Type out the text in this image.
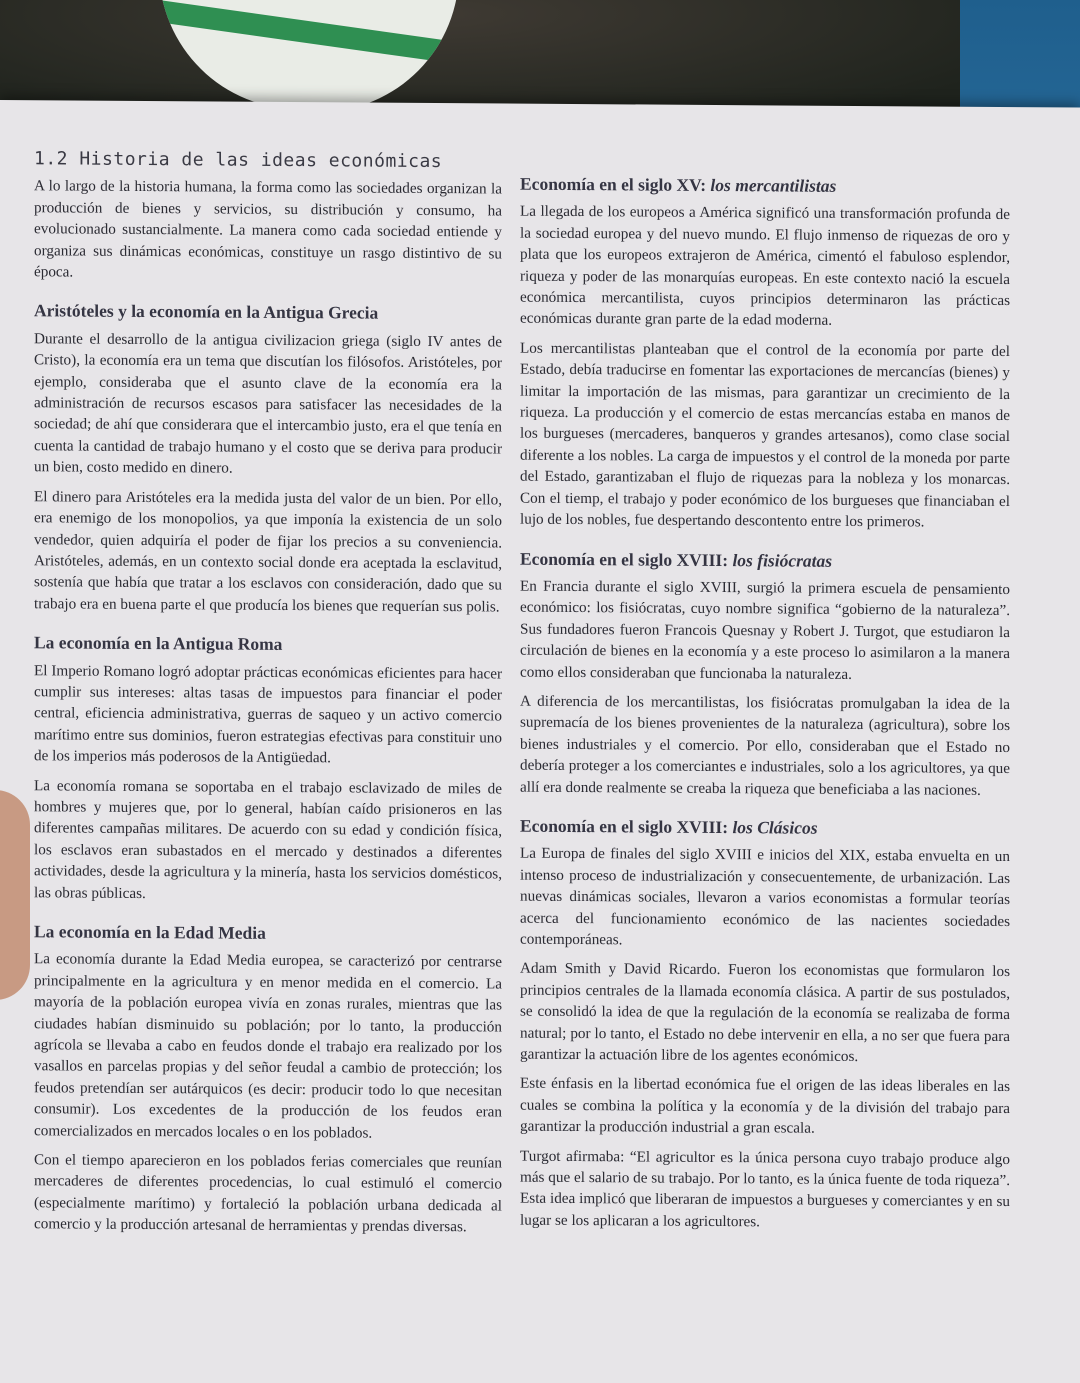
1.2 Historia de las ideas económicas

A lo largo de la historia humana, la forma como las sociedades organizan la producción de bienes y servicios, su distribución y consumo, ha evolucionado sustancialmente. La manera como cada sociedad entiende y organiza sus dinámicas económicas, constituye un rasgo distintivo de su época.

Aristóteles y la economía en la Antigua Grecia

Durante el desarrollo de la antigua civilizacion griega (siglo IV antes de Cristo), la economía era un tema que discutían los filósofos. Aristóteles, por ejemplo, consideraba que el asunto clave de la economía era la administración de recursos escasos para satisfacer las necesidades de la sociedad; de ahí que considerara que el intercambio justo, era el que tenía en cuenta la cantidad de trabajo humano y el costo que se deriva para producir un bien, costo medido en dinero.

El dinero para Aristóteles era la medida justa del valor de un bien. Por ello, era enemigo de los monopolios, ya que imponía la existencia de un solo vendedor, quien adquiría el poder de fijar los precios a su conveniencia. Aristóteles, además, en un contexto social donde era aceptada la esclavitud, sostenía que había que tratar a los esclavos con consideración, dado que su trabajo era en buena parte el que producía los bienes que requerían sus polis.

La economía en la Antigua Roma

El Imperio Romano logró adoptar prácticas económicas eficientes para hacer cumplir sus intereses: altas tasas de impuestos para financiar el poder central, eficiencia administrativa, guerras de saqueo y un activo comercio marítimo entre sus dominios, fueron estrategias efectivas para constituir uno de los imperios más poderosos de la Antigüedad.

La economía romana se soportaba en el trabajo esclavizado de miles de hombres y mujeres que, por lo general, habían caído prisioneros en las diferentes campañas militares. De acuerdo con su edad y condición física, los esclavos eran subastados en el mercado y destinados a diferentes actividades, desde la agricultura y la minería, hasta los servicios domésticos, las obras públicas.

La economía en la Edad Media

La economía durante la Edad Media europea, se caracterizó por centrarse principalmente en la agricultura y en menor medida en el comercio. La mayoría de la población europea vivía en zonas rurales, mientras que las ciudades habían disminuido su población; por lo tanto, la producción agrícola se llevaba a cabo en feudos donde el trabajo era realizado por los vasallos en parcelas propias y del señor feudal a cambio de protección; los feudos pretendían ser autárquicos (es decir: producir todo lo que necesitan consumir). Los excedentes de la producción de los feudos eran comercializados en mercados locales o en los poblados.

Con el tiempo aparecieron en los poblados ferias comerciales que reunían mercaderes de diferentes procedencias, lo cual estimuló el comercio (especialmente marítimo) y fortaleció la población urbana dedicada al comercio y la producción artesanal de herramientas y prendas diversas.

Economía en el siglo XV: los mercantilistas

La llegada de los europeos a América significó una transformación profunda de la sociedad europea y del nuevo mundo. El flujo inmenso de riquezas de oro y plata que los europeos extrajeron de América, cimentó el fabuloso esplendor, riqueza y poder de las monarquías europeas. En este contexto nació la escuela económica mercantilista, cuyos principios determinaron las prácticas económicas durante gran parte de la edad moderna.

Los mercantilistas planteaban que el control de la economía por parte del Estado, debía traducirse en fomentar las exportaciones de mercancías (bienes) y limitar la importación de las mismas, para garantizar un crecimiento de la riqueza. La producción y el comercio de estas mercancías estaba en manos de los burgueses (mercaderes, banqueros y grandes artesanos), como clase social diferente a los nobles. La carga de impuestos y el control de la moneda por parte del Estado, garantizaban el flujo de riquezas para la nobleza y los monarcas. Con el tiemp, el trabajo y poder económico de los burgueses que financiaban el lujo de los nobles, fue despertando descontento entre los primeros.

Economía en el siglo XVIII: los fisiócratas

En Francia durante el siglo XVIII, surgió la primera escuela de pensamiento económico: los fisiócratas, cuyo nombre significa “gobierno de la naturaleza”. Sus fundadores fueron Francois Quesnay y Robert J. Turgot, que estudiaron la circulación de bienes en la economía y a este proceso lo asimilaron a la manera como ellos consideraban que funcionaba la naturaleza.

A diferencia de los mercantilistas, los fisiócratas promulgaban la idea de la supremacía de los bienes provenientes de la naturaleza (agricultura), sobre los bienes industriales y el comercio. Por ello, consideraban que el Estado no debería proteger a los comerciantes e industriales, solo a los agricultores, ya que allí era donde realmente se creaba la riqueza que beneficiaba a las naciones.

Economía en el siglo XVIII: los Clásicos

La Europa de finales del siglo XVIII e inicios del XIX, estaba envuelta en un intenso proceso de industrialización y consecuentemente, de urbanización. Las nuevas dinámicas sociales, llevaron a varios economistas a formular teorías acerca del funcionamiento económico de las nacientes sociedades contemporáneas.

Adam Smith y David Ricardo. Fueron los economistas que formularon los principios centrales de la llamada economía clásica. A partir de sus postulados, se consolidó la idea de que la regulación de la economía se realizaba de forma natural; por lo tanto, el Estado no debe intervenir en ella, a no ser que fuera para garantizar la actuación libre de los agentes económicos.

Este énfasis en la libertad económica fue el origen de las ideas liberales en las cuales se combina la política y la economía y de la división del trabajo para garantizar la producción industrial a gran escala.

Turgot afirmaba: “El agricultor es la única persona cuyo trabajo produce algo más que el salario de su trabajo. Por lo tanto, es la única fuente de toda riqueza”. Esta idea implicó que liberaran de impuestos a burgueses y comerciantes y en su lugar se los aplicaran a los agricultores.
